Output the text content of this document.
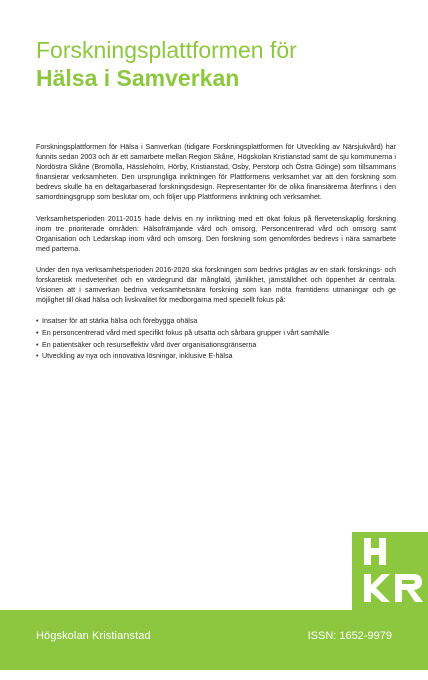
Forskningsplattformen för
Hälsa i Samverkan

Forskningsplattformen för Hälsa i Samverkan (tidigare Forskningsplattformen för Utveckling av Närsjukvård) har funnits sedan 2003 och är ett samarbete mellan Region Skåne, Högskolan Kristianstad samt de sju kommunerna i Nordöstra Skåne (Bromölla, Hässleholm, Hörby, Kristianstad, Osby, Perstorp och Östra Göinge) som tillsammans finansierar verksamheten. Den ursprungliga inriktningen för Plattformens verksamhet var att den forskning som bedrevs skulle ha en deltagarbaserad forskningsdesign. Representanter för de olika finansiärerna återfinns i den samordningsgrupp som beslutar om, och följer upp Plattformens inriktning och verksamhet.

Verksamhetsperioden 2011-2015 hade delvis en ny inriktning med ett ökat fokus på flervetenskaplig forskning inom tre prioriterade områden: Hälsofrämjande vård och omsorg, Personcentrerad vård och omsorg samt Organisation och Ledarskap inom vård och omsorg. Den forskning som genomfördes bedrevs i nära samarbete med parterna.

Under den nya verksamhetsperioden 2016-2020 ska forskningen som bedrivs präglas av en stark forsknings- och forskaretisk medvetenhet och en värdegrund där mångfald, jämlikhet, jämställdhet och öppenhet är centrala. Visionen att i samverkan bedriva verksamhetsnära forskning som kan möta framtidens utmaningar och ge möjlighet till ökad hälsa och livskvalitet för medborgarna med speciellt fokus på:

• Insatser för att stärka hälsa och förebygga ohälsa
• En personcentrerad vård med specifikt fokus på utsatta och sårbara grupper i vårt samhälle
• En patientsäker och resurseffektiv vård över organisationsgränserna
• Utveckling av nya och innovativa lösningar, inklusive E-hälsa
Högskolan Kristianstad	ISSN: 1652-9979
